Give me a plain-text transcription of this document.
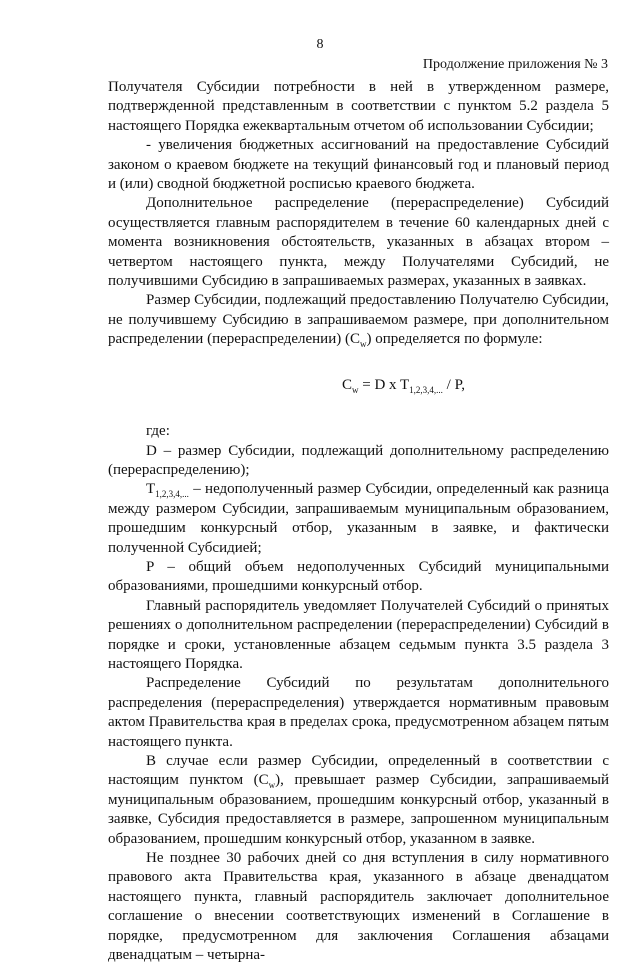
8
Продолжение приложения № 3

Получателя Субсидии потребности в ней в утвержденном размере, подтвержденной представленным в соответствии с пунктом 5.2 раздела 5 настоящего Порядка ежеквартальным отчетом об использовании Субсидии;

- увеличения бюджетных ассигнований на предоставление Субсидий законом о краевом бюджете на текущий финансовый год и плановый период и (или) сводной бюджетной росписью краевого бюджета.

Дополнительное распределение (перераспределение) Субсидий осуществляется главным распорядителем в течение 60 календарных дней с момента возникновения обстоятельств, указанных в абзацах втором – четвертом настоящего пункта, между Получателями Субсидий, не получившими Субсидию в запрашиваемых размерах, указанных в заявках.

Размер Субсидии, подлежащий предоставлению Получателю Субсидии, не получившему Субсидию в запрашиваемом размере, при дополнительном распределении (перераспределении) $(C_w)$ определяется по формуле:

$C_w = D$ x $T_{1,2,3,4,...}$ / P,

где:

D – размер Субсидии, подлежащий дополнительному распределению (перераспределению);

$T_{1,2,3,4,...}$ – недополученный размер Субсидии, определенный как разница между размером Субсидии, запрашиваемым муниципальным образованием, прошедшим конкурсный отбор, указанным в заявке, и фактически полученной Субсидией;

P – общий объем недополученных Субсидий муниципальными образованиями, прошедшими конкурсный отбор.

Главный распорядитель уведомляет Получателей Субсидий о принятых решениях о дополнительном распределении (перераспределении) Субсидий в порядке и сроки, установленные абзацем седьмым пункта 3.5 раздела 3 настоящего Порядка.

Распределение Субсидий по результатам дополнительного распределения (перераспределения) утверждается нормативным правовым актом Правительства края в пределах срока, предусмотренном абзацем пятым настоящего пункта.

В случае если размер Субсидии, определенный в соответствии с настоящим пунктом $(C_w)$, превышает размер Субсидии, запрашиваемый муниципальным образованием, прошедшим конкурсный отбор, указанный в заявке, Субсидия предоставляется в размере, запрошенном муниципальным образованием, прошедшим конкурсный отбор, указанном в заявке.

Не позднее 30 рабочих дней со дня вступления в силу нормативного правового акта Правительства края, указанного в абзаце двенадцатом настоящего пункта, главный распорядитель заключает дополнительное соглашение о внесении соответствующих изменений в Соглашение в порядке, предусмотренном для заключения Соглашения абзацами двенадцатым – четырна-
